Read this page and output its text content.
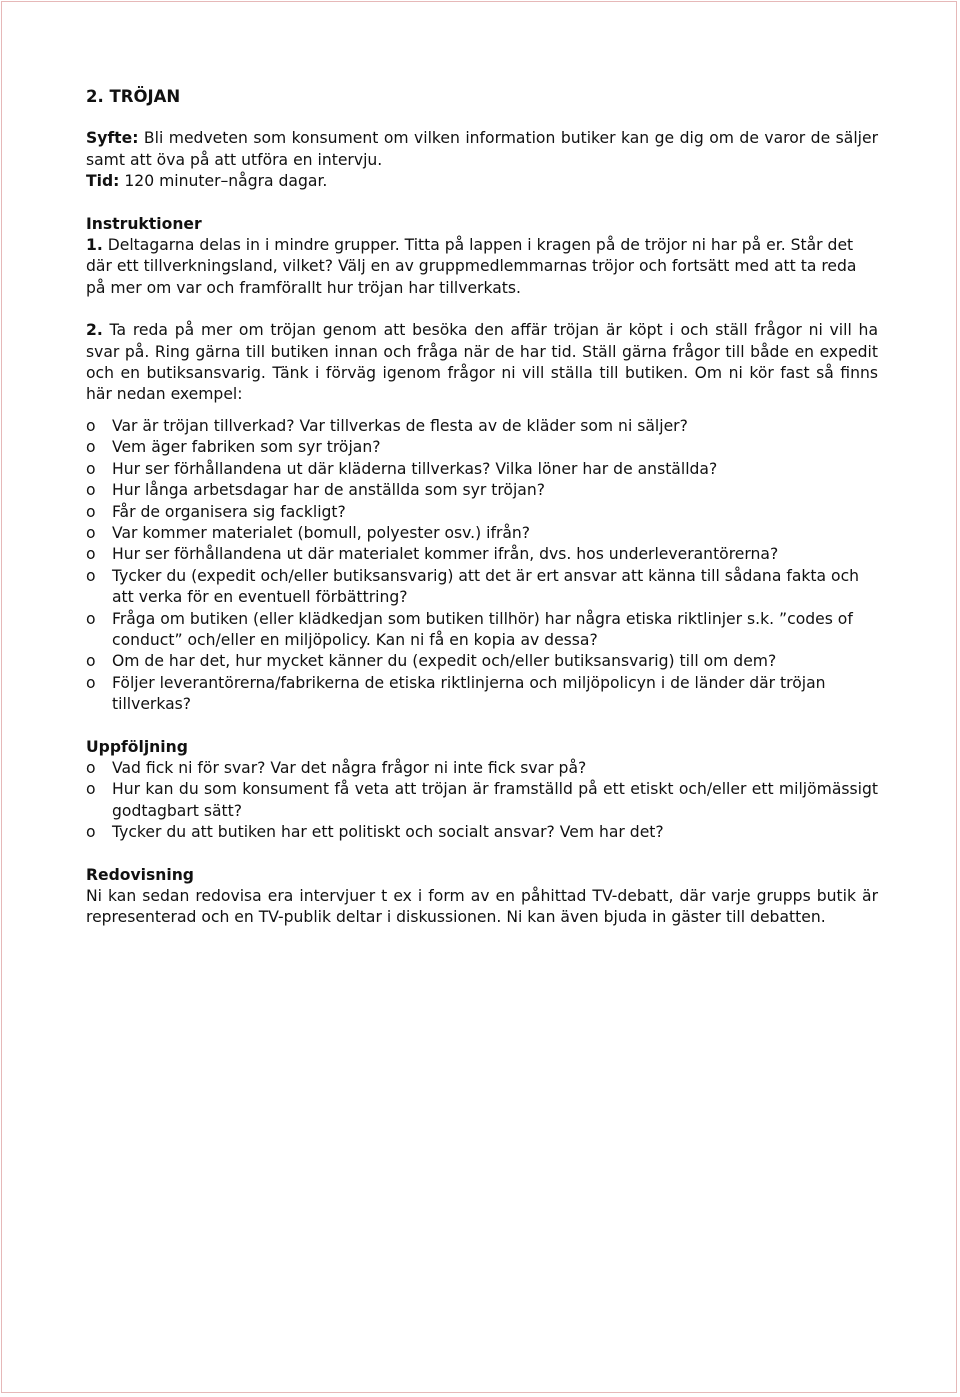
2. TRÖJAN

Syfte: Bli medveten som konsument om vilken information butiker kan ge dig om de varor de säljer samt att öva på att utföra en intervju.

Tid: 120 minuter–några dagar.

Instruktioner

1. Deltagarna delas in i mindre grupper. Titta på lappen i kragen på de tröjor ni har på er. Står det där ett tillverkningsland, vilket? Välj en av gruppmedlemmarnas tröjor och fortsätt med att ta reda på mer om var och framförallt hur tröjan har tillverkats.

2. Ta reda på mer om tröjan genom att besöka den affär tröjan är köpt i och ställ frågor ni vill ha svar på. Ring gärna till butiken innan och fråga när de har tid. Ställ gärna frågor till både en expedit och en butiksansvarig. Tänk i förväg igenom frågor ni vill ställa till butiken. Om ni kör fast så finns här nedan exempel:

o Var är tröjan tillverkad? Var tillverkas de flesta av de kläder som ni säljer?
o Vem äger fabriken som syr tröjan?
o Hur ser förhållandena ut där kläderna tillverkas? Vilka löner har de anställda?
o Hur långa arbetsdagar har de anställda som syr tröjan?
o Får de organisera sig fackligt?
o Var kommer materialet (bomull, polyester osv.) ifrån?
o Hur ser förhållandena ut där materialet kommer ifrån, dvs. hos underleverantörerna?
o Tycker du (expedit och/eller butiksansvarig) att det är ert ansvar att känna till sådana fakta och att verka för en eventuell förbättring?
o Fråga om butiken (eller klädkedjan som butiken tillhör) har några etiska riktlinjer s.k. ”codes of conduct” och/eller en miljöpolicy. Kan ni få en kopia av dessa?
o Om de har det, hur mycket känner du (expedit och/eller butiksansvarig) till om dem?
o Följer leverantörerna/fabrikerna de etiska riktlinjerna och miljöpolicyn i de länder där tröjan tillverkas?

Uppföljning

o Vad fick ni för svar? Var det några frågor ni inte fick svar på?
o Hur kan du som konsument få veta att tröjan är framställd på ett etiskt och/eller ett miljömässigt godtagbart sätt?
o Tycker du att butiken har ett politiskt och socialt ansvar? Vem har det?

Redovisning

Ni kan sedan redovisa era intervjuer t ex i form av en påhittad TV-debatt, där varje grupps butik är representerad och en TV-publik deltar i diskussionen. Ni kan även bjuda in gäster till debatten.
